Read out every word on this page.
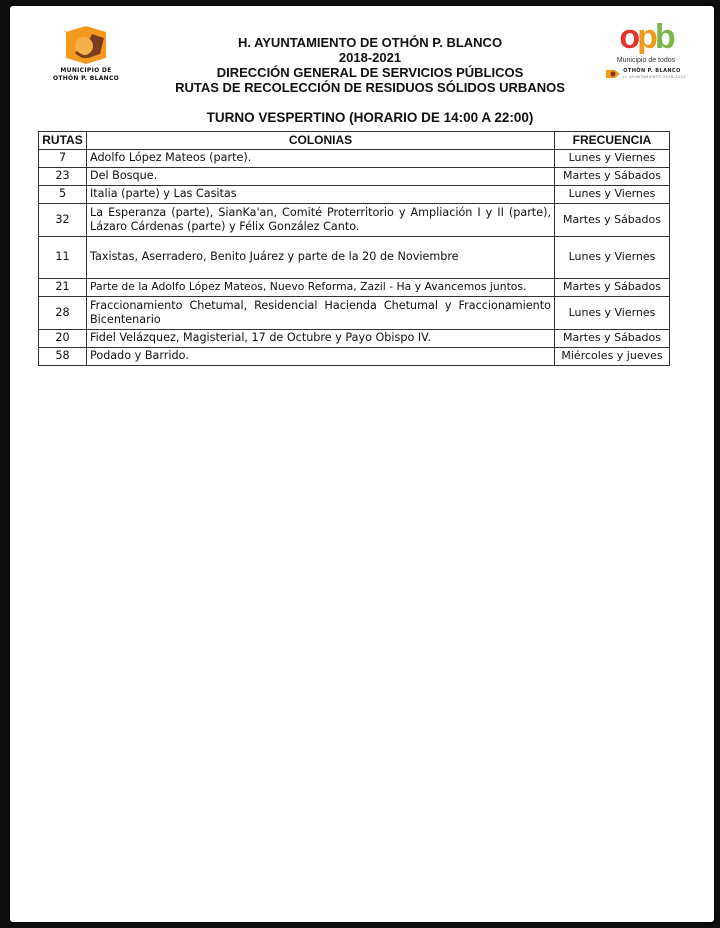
MUNICIPIO DE
OTHÓN P. BLANCO
opb
Municipio de todos
OTHÓN P. BLANCO
H. AYUNTAMIENTO 2018-2021
H. AYUNTAMIENTO DE OTHÓN P. BLANCO
2018-2021
DIRECCIÓN GENERAL DE SERVICIOS PÚBLICOS
RUTAS DE RECOLECCIÓN DE RESIDUOS SÓLIDOS URBANOS
TURNO VESPERTINO (HORARIO DE 14:00 A 22:00)
RUTAS	COLONIAS	FRECUENCIA
7	Adolfo López Mateos (parte).	Lunes y Viernes
23	Del Bosque.	Martes y Sábados
5	Italia (parte) y Las Casitas	Lunes y Viernes
32	La Esperanza (parte), SianKa'an, Comité Proterritorio y Ampliación I y II (parte), Lázaro Cárdenas (parte) y Félix González Canto.	Martes y Sábados
11	Taxistas, Aserradero, Benito Juárez y parte de la 20 de Noviembre	Lunes y Viernes
21	Parte de la Adolfo López Mateos, Nuevo Reforma, Zazil - Ha y Avancemos juntos.	Martes y Sábados
28	Fraccionamiento Chetumal, Residencial Hacienda Chetumal y Fraccionamiento Bicentenario	Lunes y Viernes
20	Fidel Velázquez, Magisterial, 17 de Octubre y Payo Obispo IV.	Martes y Sábados
58	Podado y Barrido.	Miércoles y jueves
